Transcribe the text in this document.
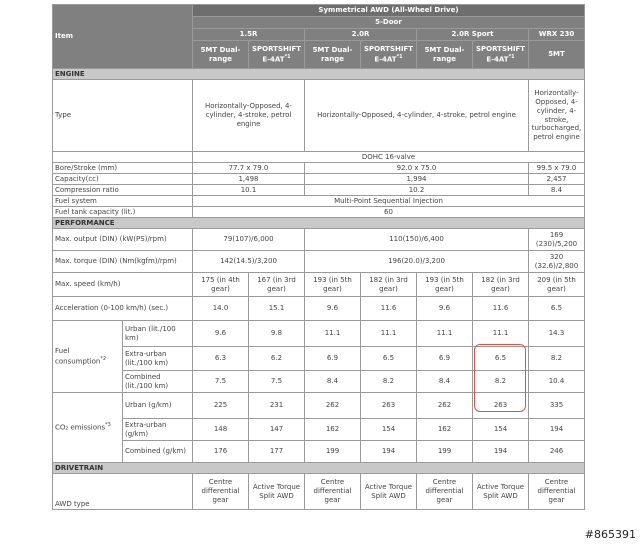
Item		Symmetrical AWD (All-Wheel Drive)						
		5-Door						
		1.5R		2.0R		2.0R Sport		WRX 230
		5MT Dual-range	SPORTSHIFT E-4AT$^{*1}$	5MT Dual-range	SPORTSHIFT E-4AT$^{*1}$	5MT Dual-range	SPORTSHIFT E-4AT$^{*1}$	5MT
ENGINE								
Type		Horizontally-Opposed, 4-cylinder, 4-stroke, petrol engine		Horizontally-Opposed, 4-cylinder, 4-stroke, petrol engine				Horizontally-Opposed, 4-cylinder, 4-stroke, turbocharged, petrol engine
		DOHC 16-valve						
Bore/Stroke (mm)		77.7 x 79.0		92.0 x 75.0				99.5 x 79.0
Capacity(cc)		1,498		1,994				2,457
Compression ratio		10.1		10.2				8.4
Fuel system		Multi-Point Sequential Injection						
Fuel tank capacity (lit.)		60						
PERFORMANCE								
Max. output (DIN) (kW(PS)/rpm)		79(107)/6,000		110(150)/6,400				169 (230)/5,200
Max. torque (DIN) (Nm(kgfm)/rpm)		142(14.5)/3,200		196(20.0)/3,200				320 (32.6)/2,800
Max. speed (km/h)		175 (in 4th gear)	167 (in 3rd gear)	193 (in 5th gear)	182 (in 3rd gear)	193 (in 5th gear)	182 (in 3rd gear)	209 (in 5th gear)
Acceleration (0-100 km/h) (sec.)		14.0	15.1	9.6	11.6	9.6	11.6	6.5
Fuel consumption$^{*2}$	Urban (lit./100 km)	9.6	9.8	11.1	11.1	11.1	11.1	14.3
	Extra-urban (lit./100 km)	6.3	6.2	6.9	6.5	6.9	6.5	8.2
	Combined (lit./100 km)	7.5	7.5	8.4	8.2	8.4	8.2	10.4
CO₂ emissions$^{*3}$	Urban (g/km)	225	231	262	263	262	263	335
	Extra-urban (g/km)	148	147	162	154	162	154	194
	Combined (g/km)	176	177	199	194	199	194	246
DRIVETRAIN								
AWD type		Centre differential gear	Active Torque Split AWD	Centre differential gear	Active Torque Split AWD	Centre differential gear	Active Torque Split AWD	Centre differential gear
#865391
